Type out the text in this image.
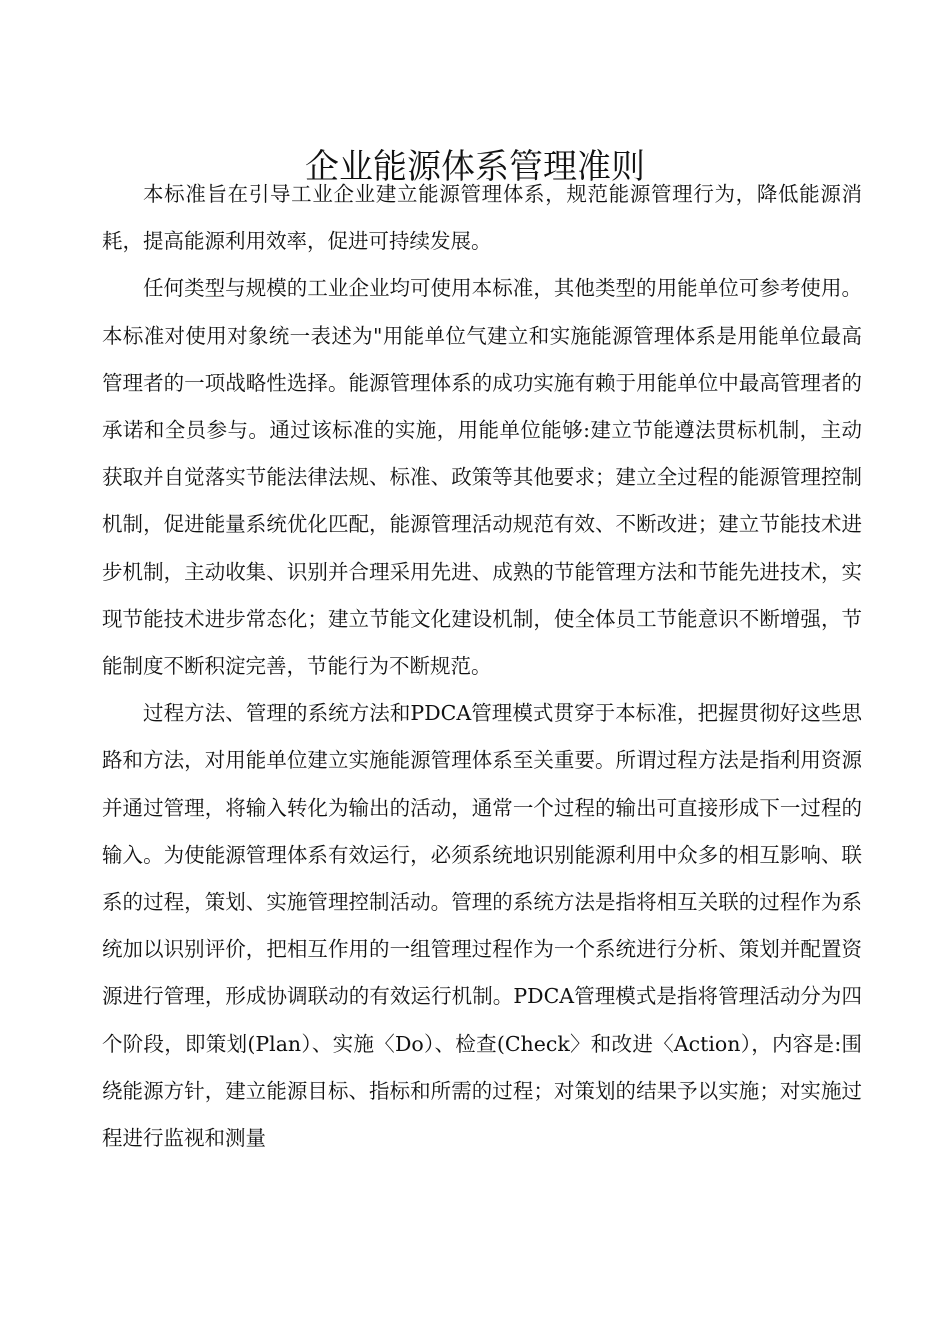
企业能源体系管理准则

本标准旨在引导工业企业建立能源管理体系，规范能源管理行为，降低能源消耗，提高能源利用效率，促进可持续发展。

任何类型与规模的工业企业均可使用本标准，其他类型的用能单位可参考使用。本标准对使用对象统一表述为"用能单位气建立和实施能源管理体系是用能单位最高管理者的一项战略性选择。能源管理体系的成功实施有赖于用能单位中最高管理者的承诺和全员参与。通过该标准的实施，用能单位能够:建立节能遵法贯标机制，主动获取并自觉落实节能法律法规、标准、政策等其他要求；建立全过程的能源管理控制机制，促进能量系统优化匹配，能源管理活动规范有效、不断改进；建立节能技术进步机制，主动收集、识别并合理采用先进、成熟的节能管理方法和节能先进技术，实现节能技术进步常态化；建立节能文化建设机制，使全体员工节能意识不断增强，节能制度不断积淀完善，节能行为不断规范。

过程方法、管理的系统方法和PDCA管理模式贯穿于本标准，把握贯彻好这些思路和方法，对用能单位建立实施能源管理体系至关重要。所谓过程方法是指利用资源并通过管理，将输入转化为输出的活动，通常一个过程的输出可直接形成下一过程的输入。为使能源管理体系有效运行，必须系统地识别能源利用中众多的相互影响、联系的过程，策划、实施管理控制活动。管理的系统方法是指将相互关联的过程作为系统加以识别评价，把相互作用的一组管理过程作为一个系统进行分析、策划并配置资源进行管理，形成协调联动的有效运行机制。PDCA管理模式是指将管理活动分为四个阶段，即策划(Plan）、实施〈Do）、检查(Check〉和改进〈Action），内容是:围绕能源方针，建立能源目标、指标和所需的过程；对策划的结果予以实施；对实施过程进行监视和测量
